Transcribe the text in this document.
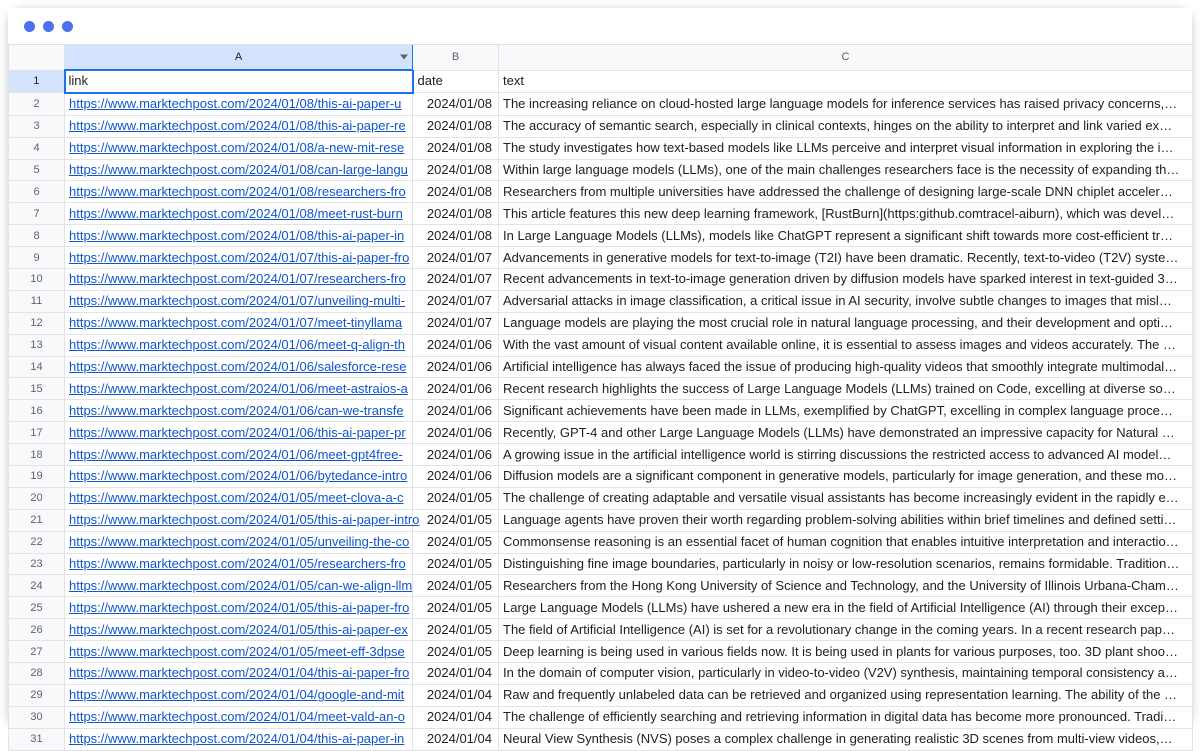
	A	B	C
1	link	date	text
2	https://www.marktechpost.com/2024/01/08/this-ai-paper-u	2024/01/08	The increasing reliance on cloud-hosted large language models for inference services has raised privacy concerns,…
3	https://www.marktechpost.com/2024/01/08/this-ai-paper-re	2024/01/08	The accuracy of semantic search, especially in clinical contexts, hinges on the ability to interpret and link varied ex…
4	https://www.marktechpost.com/2024/01/08/a-new-mit-rese	2024/01/08	The study investigates how text-based models like LLMs perceive and interpret visual information in exploring the i…
5	https://www.marktechpost.com/2024/01/08/can-large-langu	2024/01/08	Within large language models (LLMs), one of the main challenges researchers face is the necessity of expanding th…
6	https://www.marktechpost.com/2024/01/08/researchers-fro	2024/01/08	Researchers from multiple universities have addressed the challenge of designing large-scale DNN chiplet acceler…
7	https://www.marktechpost.com/2024/01/08/meet-rust-burn	2024/01/08	This article features this new deep learning framework, [RustBurn](https:github.comtracel-aiburn), which was devel…
8	https://www.marktechpost.com/2024/01/08/this-ai-paper-in	2024/01/08	In Large Language Models (LLMs), models like ChatGPT represent a significant shift towards more cost-efficient tr…
9	https://www.marktechpost.com/2024/01/07/this-ai-paper-fro	2024/01/07	Advancements in generative models for text-to-image (T2I) have been dramatic. Recently, text-to-video (T2V) syste…
10	https://www.marktechpost.com/2024/01/07/researchers-fro	2024/01/07	Recent advancements in text-to-image generation driven by diffusion models have sparked interest in text-guided 3…
11	https://www.marktechpost.com/2024/01/07/unveiling-multi-	2024/01/07	Adversarial attacks in image classification, a critical issue in AI security, involve subtle changes to images that misl…
12	https://www.marktechpost.com/2024/01/07/meet-tinyllama	2024/01/07	Language models are playing the most crucial role in natural language processing, and their development and opti…
13	https://www.marktechpost.com/2024/01/06/meet-q-align-th	2024/01/06	With the vast amount of visual content available online, it is essential to assess images and videos accurately. The …
14	https://www.marktechpost.com/2024/01/06/salesforce-rese	2024/01/06	Artificial intelligence has always faced the issue of producing high-quality videos that smoothly integrate multimodal…
15	https://www.marktechpost.com/2024/01/06/meet-astraios-a	2024/01/06	Recent research highlights the success of Large Language Models (LLMs) trained on Code, excelling at diverse so…
16	https://www.marktechpost.com/2024/01/06/can-we-transfe	2024/01/06	Significant achievements have been made in LLMs, exemplified by ChatGPT, excelling in complex language proce…
17	https://www.marktechpost.com/2024/01/06/this-ai-paper-pr	2024/01/06	Recently, GPT-4 and other Large Language Models (LLMs) have demonstrated an impressive capacity for Natural …
18	https://www.marktechpost.com/2024/01/06/meet-gpt4free-	2024/01/06	A growing issue in the artificial intelligence world is stirring discussions the restricted access to advanced AI model…
19	https://www.marktechpost.com/2024/01/06/bytedance-intro	2024/01/06	Diffusion models are a significant component in generative models, particularly for image generation, and these mo…
20	https://www.marktechpost.com/2024/01/05/meet-clova-a-c	2024/01/05	The challenge of creating adaptable and versatile visual assistants has become increasingly evident in the rapidly e…
21	https://www.marktechpost.com/2024/01/05/this-ai-paper-intro	2024/01/05	Language agents have proven their worth regarding problem-solving abilities within brief timelines and defined setti…
22	https://www.marktechpost.com/2024/01/05/unveiling-the-co	2024/01/05	Commonsense reasoning is an essential facet of human cognition that enables intuitive interpretation and interactio…
23	https://www.marktechpost.com/2024/01/05/researchers-fro	2024/01/05	Distinguishing fine image boundaries, particularly in noisy or low-resolution scenarios, remains formidable. Tradition…
24	https://www.marktechpost.com/2024/01/05/can-we-align-llm	2024/01/05	Researchers from the Hong Kong University of Science and Technology, and the University of Illinois Urbana-Cham…
25	https://www.marktechpost.com/2024/01/05/this-ai-paper-fro	2024/01/05	Large Language Models (LLMs) have ushered a new era in the field of Artificial Intelligence (AI) through their excep…
26	https://www.marktechpost.com/2024/01/05/this-ai-paper-ex	2024/01/05	The field of Artificial Intelligence (AI) is set for a revolutionary change in the coming years. In a recent research pap…
27	https://www.marktechpost.com/2024/01/05/meet-eff-3dpse	2024/01/05	Deep learning is being used in various fields now. It is being used in plants for various purposes, too. 3D plant shoo…
28	https://www.marktechpost.com/2024/01/04/this-ai-paper-fro	2024/01/04	In the domain of computer vision, particularly in video-to-video (V2V) synthesis, maintaining temporal consistency a…
29	https://www.marktechpost.com/2024/01/04/google-and-mit	2024/01/04	Raw and frequently unlabeled data can be retrieved and organized using representation learning. The ability of the …
30	https://www.marktechpost.com/2024/01/04/meet-vald-an-o	2024/01/04	The challenge of efficiently searching and retrieving information in digital data has become more pronounced. Tradi…
31	https://www.marktechpost.com/2024/01/04/this-ai-paper-in	2024/01/04	Neural View Synthesis (NVS) poses a complex challenge in generating realistic 3D scenes from multi-view videos,…
